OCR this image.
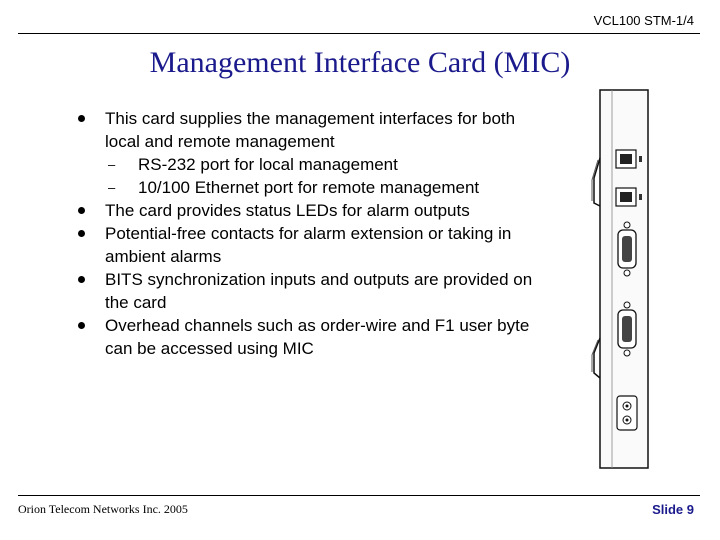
VCL100 STM-1/4
Management Interface Card (MIC)
This card supplies the management interfaces for both local and remote management
– RS-232 port for local management
– 10/100 Ethernet port for remote management
The card provides status LEDs for alarm outputs
Potential-free contacts for alarm extension or taking in ambient alarms
BITS synchronization inputs and outputs are provided on the card
Overhead channels such as order-wire and F1 user byte can be accessed using MIC
Orion Telecom Networks Inc. 2005	Slide 9
